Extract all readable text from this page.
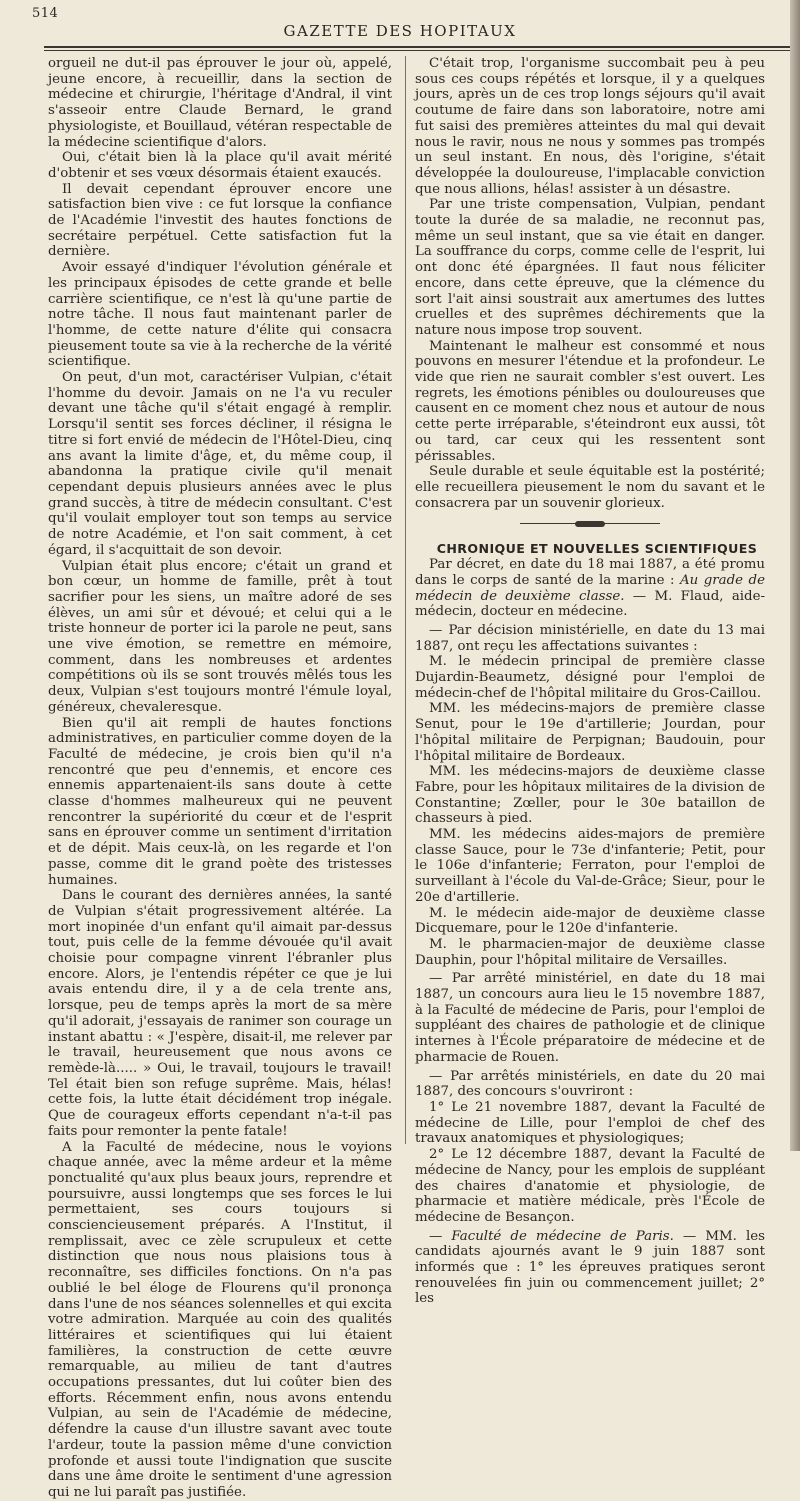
514
GAZETTE DES HOPITAUX

orgueil ne dut-il pas éprouver le jour où, appelé, jeune encore, à recueillir, dans la section de médecine et chirurgie, l'héritage d'Andral, il vint s'asseoir entre Claude Bernard, le grand physiologiste, et Bouillaud, vétéran respectable de la médecine scientifique d'alors.

Oui, c'était bien là la place qu'il avait mérité d'obtenir et ses vœux désormais étaient exaucés.

Il devait cependant éprouver encore une satisfaction bien vive : ce fut lorsque la confiance de l'Académie l'investit des hautes fonctions de secrétaire perpétuel. Cette satisfaction fut la dernière.

Avoir essayé d'indiquer l'évolution générale et les principaux épisodes de cette grande et belle carrière scientifique, ce n'est là qu'une partie de notre tâche. Il nous faut maintenant parler de l'homme, de cette nature d'élite qui consacra pieusement toute sa vie à la recherche de la vérité scientifique.

On peut, d'un mot, caractériser Vulpian, c'était l'homme du devoir. Jamais on ne l'a vu reculer devant une tâche qu'il s'était engagé à remplir. Lorsqu'il sentit ses forces décliner, il résigna le titre si fort envié de médecin de l'Hôtel-Dieu, cinq ans avant la limite d'âge, et, du même coup, il abandonna la pratique civile qu'il menait cependant depuis plusieurs années avec le plus grand succès, à titre de médecin consultant. C'est qu'il voulait employer tout son temps au service de notre Académie, et l'on sait comment, à cet égard, il s'acquittait de son devoir.

Vulpian était plus encore; c'était un grand et bon cœur, un homme de famille, prêt à tout sacrifier pour les siens, un maître adoré de ses élèves, un ami sûr et dévoué; et celui qui a le triste honneur de porter ici la parole ne peut, sans une vive émotion, se remettre en mémoire, comment, dans les nombreuses et ardentes compétitions où ils se sont trouvés mêlés tous les deux, Vulpian s'est toujours montré l'émule loyal, généreux, chevaleresque.

Bien qu'il ait rempli de hautes fonctions administratives, en particulier comme doyen de la Faculté de médecine, je crois bien qu'il n'a rencontré que peu d'ennemis, et encore ces ennemis appartenaient-ils sans doute à cette classe d'hommes malheureux qui ne peuvent rencontrer la supériorité du cœur et de l'esprit sans en éprouver comme un sentiment d'irritation et de dépit. Mais ceux-là, on les regarde et l'on passe, comme dit le grand poète des tristesses humaines.

Dans le courant des dernières années, la santé de Vulpian s'était progressivement altérée. La mort inopinée d'un enfant qu'il aimait par-dessus tout, puis celle de la femme dévouée qu'il avait choisie pour compagne vinrent l'ébranler plus encore. Alors, je l'entendis répéter ce que je lui avais entendu dire, il y a de cela trente ans, lorsque, peu de temps après la mort de sa mère qu'il adorait, j'essayais de ranimer son courage un instant abattu : « J'espère, disait-il, me relever par le travail, heureusement que nous avons ce remède-là..... » Oui, le travail, toujours le travail! Tel était bien son refuge suprême. Mais, hélas! cette fois, la lutte était décidément trop inégale. Que de courageux efforts cependant n'a-t-il pas faits pour remonter la pente fatale!

A la Faculté de médecine, nous le voyions chaque année, avec la même ardeur et la même ponctualité qu'aux plus beaux jours, reprendre et poursuivre, aussi longtemps que ses forces le lui permettaient, ses cours toujours si consciencieusement préparés. A l'Institut, il remplissait, avec ce zèle scrupuleux et cette distinction que nous nous plaisions tous à reconnaître, ses difficiles fonctions. On n'a pas oublié le bel éloge de Flourens qu'il prononça dans l'une de nos séances solennelles et qui excita votre admiration. Marquée au coin des qualités littéraires et scientifiques qui lui étaient familières, la construction de cette œuvre remarquable, au milieu de tant d'autres occupations pressantes, dut lui coûter bien des efforts. Récemment enfin, nous avons entendu Vulpian, au sein de l'Académie de médecine, défendre la cause d'un illustre savant avec toute l'ardeur, toute la passion même d'une conviction profonde et aussi toute l'indignation que suscite dans une âme droite le sentiment d'une agression qui ne lui paraît pas justifiée.

C'était trop, l'organisme succombait peu à peu sous ces coups répétés et lorsque, il y a quelques jours, après un de ces trop longs séjours qu'il avait coutume de faire dans son laboratoire, notre ami fut saisi des premières atteintes du mal qui devait nous le ravir, nous ne nous y sommes pas trompés un seul instant. En nous, dès l'origine, s'était développée la douloureuse, l'implacable conviction que nous allions, hélas! assister à un désastre.

Par une triste compensation, Vulpian, pendant toute la durée de sa maladie, ne reconnut pas, même un seul instant, que sa vie était en danger. La souffrance du corps, comme celle de l'esprit, lui ont donc été épargnées. Il faut nous féliciter encore, dans cette épreuve, que la clémence du sort l'ait ainsi soustrait aux amertumes des luttes cruelles et des suprêmes déchirements que la nature nous impose trop souvent.

Maintenant le malheur est consommé et nous pouvons en mesurer l'étendue et la profondeur. Le vide que rien ne saurait combler s'est ouvert. Les regrets, les émotions pénibles ou douloureuses que causent en ce moment chez nous et autour de nous cette perte irréparable, s'éteindront eux aussi, tôt ou tard, car ceux qui les ressentent sont périssables.

Seule durable et seule équitable est la postérité; elle recueillera pieusement le nom du savant et le consacrera par un souvenir glorieux.

CHRONIQUE ET NOUVELLES SCIENTIFIQUES

Par décret, en date du 18 mai 1887, a été promu dans le corps de santé de la marine : Au grade de médecin de deuxième classe. — M. Flaud, aide-médecin, docteur en médecine.

— Par décision ministérielle, en date du 13 mai 1887, ont reçu les affectations suivantes :

M. le médecin principal de première classe Dujardin-Beaumetz, désigné pour l'emploi de médecin-chef de l'hôpital militaire du Gros-Caillou.

MM. les médecins-majors de première classe Senut, pour le 19e d'artillerie; Jourdan, pour l'hôpital militaire de Perpignan; Baudouin, pour l'hôpital militaire de Bordeaux.

MM. les médecins-majors de deuxième classe Fabre, pour les hôpitaux militaires de la division de Constantine; Zœller, pour le 30e bataillon de chasseurs à pied.

MM. les médecins aides-majors de première classe Sauce, pour le 73e d'infanterie; Petit, pour le 106e d'infanterie; Ferraton, pour l'emploi de surveillant à l'école du Val-de-Grâce; Sieur, pour le 20e d'artillerie.

M. le médecin aide-major de deuxième classe Dicquemare, pour le 120e d'infanterie.

M. le pharmacien-major de deuxième classe Dauphin, pour l'hôpital militaire de Versailles.

— Par arrêté ministériel, en date du 18 mai 1887, un concours aura lieu le 15 novembre 1887, à la Faculté de médecine de Paris, pour l'emploi de suppléant des chaires de pathologie et de clinique internes à l'École préparatoire de médecine et de pharmacie de Rouen.

— Par arrêtés ministériels, en date du 20 mai 1887, des concours s'ouvriront :

1° Le 21 novembre 1887, devant la Faculté de médecine de Lille, pour l'emploi de chef des travaux anatomiques et physiologiques;

2° Le 12 décembre 1887, devant la Faculté de médecine de Nancy, pour les emplois de suppléant des chaires d'anatomie et physiologie, de pharmacie et matière médicale, près l'École de médecine de Besançon.

— Faculté de médecine de Paris. — MM. les candidats ajournés avant le 9 juin 1887 sont informés que : 1° les épreuves pratiques seront renouvelées fin juin ou commencement juillet; 2° les
